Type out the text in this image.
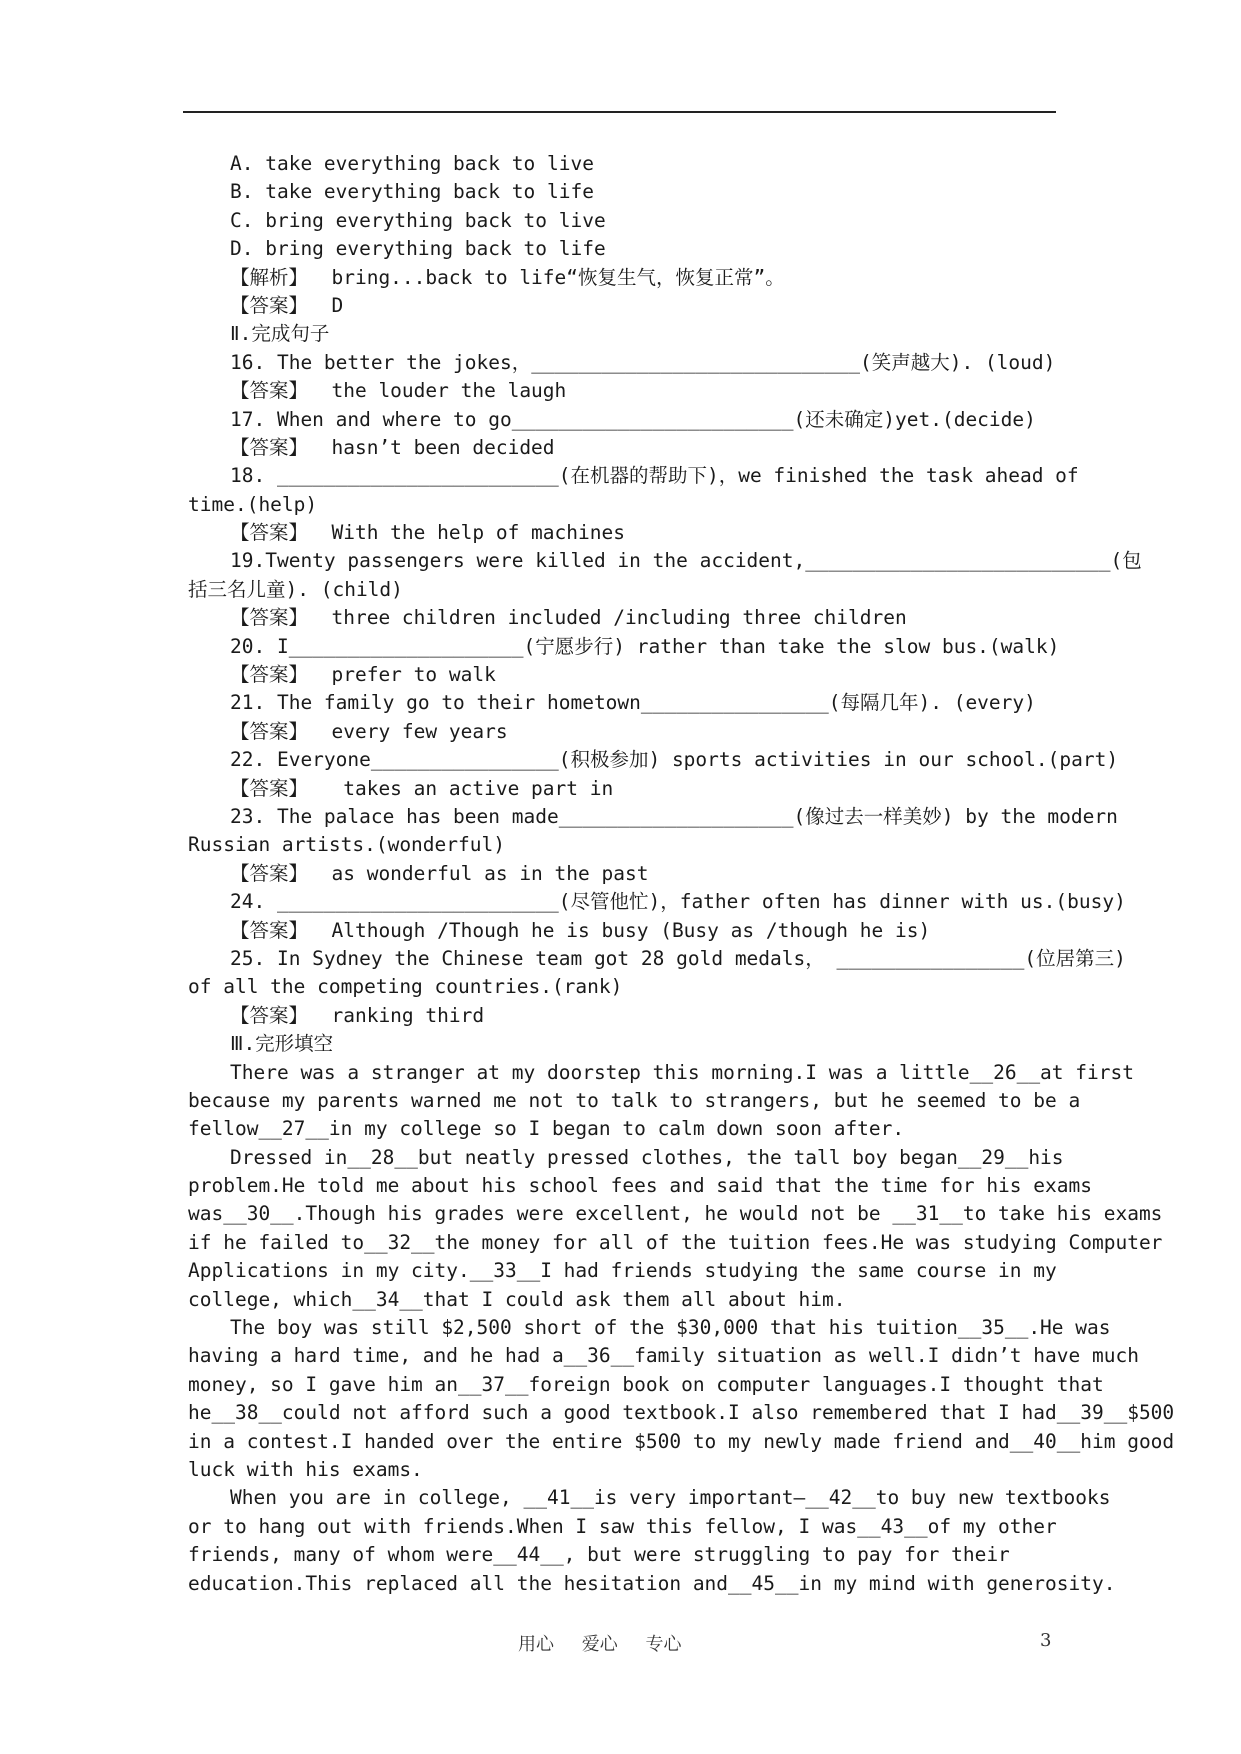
A. take everything back to live
B. take everything back to life
C. bring everything back to live
D. bring everything back to life
【解析】  bring...back to life“恢复生气，恢复正常”。
【答案】  D
Ⅱ.完成句子
16. The better the jokes，____________________________(笑声越大). (loud)
【答案】  the louder the laugh
17. When and where to go________________________(还未确定)yet.(decide)
【答案】  hasn’t been decided
18. ________________________(在机器的帮助下)，we finished the task ahead of
time.(help)
【答案】  With the help of machines
19.Twenty passengers were killed in the accident,__________________________(包
括三名儿童). (child)
【答案】  three children included /including three children
20. I____________________(宁愿步行) rather than take the slow bus.(walk)
【答案】  prefer to walk
21. The family go to their hometown________________(每隔几年). (every)
【答案】  every few years
22. Everyone________________(积极参加) sports activities in our school.(part)
【答案】   takes an active part in
23. The palace has been made____________________(像过去一样美妙) by the modern
Russian artists.(wonderful)
【答案】  as wonderful as in the past
24. ________________________(尽管他忙)，father often has dinner with us.(busy)
【答案】  Although /Though he is busy (Busy as /though he is)
25. In Sydney the Chinese team got 28 gold medals， ________________(位居第三)
of all the competing countries.(rank)
【答案】  ranking third
Ⅲ.完形填空
There was a stranger at my doorstep this morning.I was a little__26__at first
because my parents warned me not to talk to strangers, but he seemed to be a
fellow__27__in my college so I began to calm down soon after.
Dressed in__28__but neatly pressed clothes, the tall boy began__29__his
problem.He told me about his school fees and said that the time for his exams
was__30__.Though his grades were excellent, he would not be __31__to take his exams
if he failed to__32__the money for all of the tuition fees.He was studying Computer
Applications in my city.__33__I had friends studying the same course in my
college, which__34__that I could ask them all about him.
The boy was still $2,500 short of the $30,000 that his tuition__35__.He was
having a hard time, and he had a__36__family situation as well.I didn’t have much
money, so I gave him an__37__foreign book on computer languages.I thought that
he__38__could not afford such a good textbook.I also remembered that I had__39__$500
in a contest.I handed over the entire $500 to my newly made friend and__40__him good
luck with his exams.
When you are in college, __41__is very important—__42__to buy new textbooks
or to hang out with friends.When I saw this fellow, I was__43__of my other
friends, many of whom were__44__, but were struggling to pay for their
education.This replaced all the hesitation and__45__in my mind with generosity.
用心 爱心 专心	3
